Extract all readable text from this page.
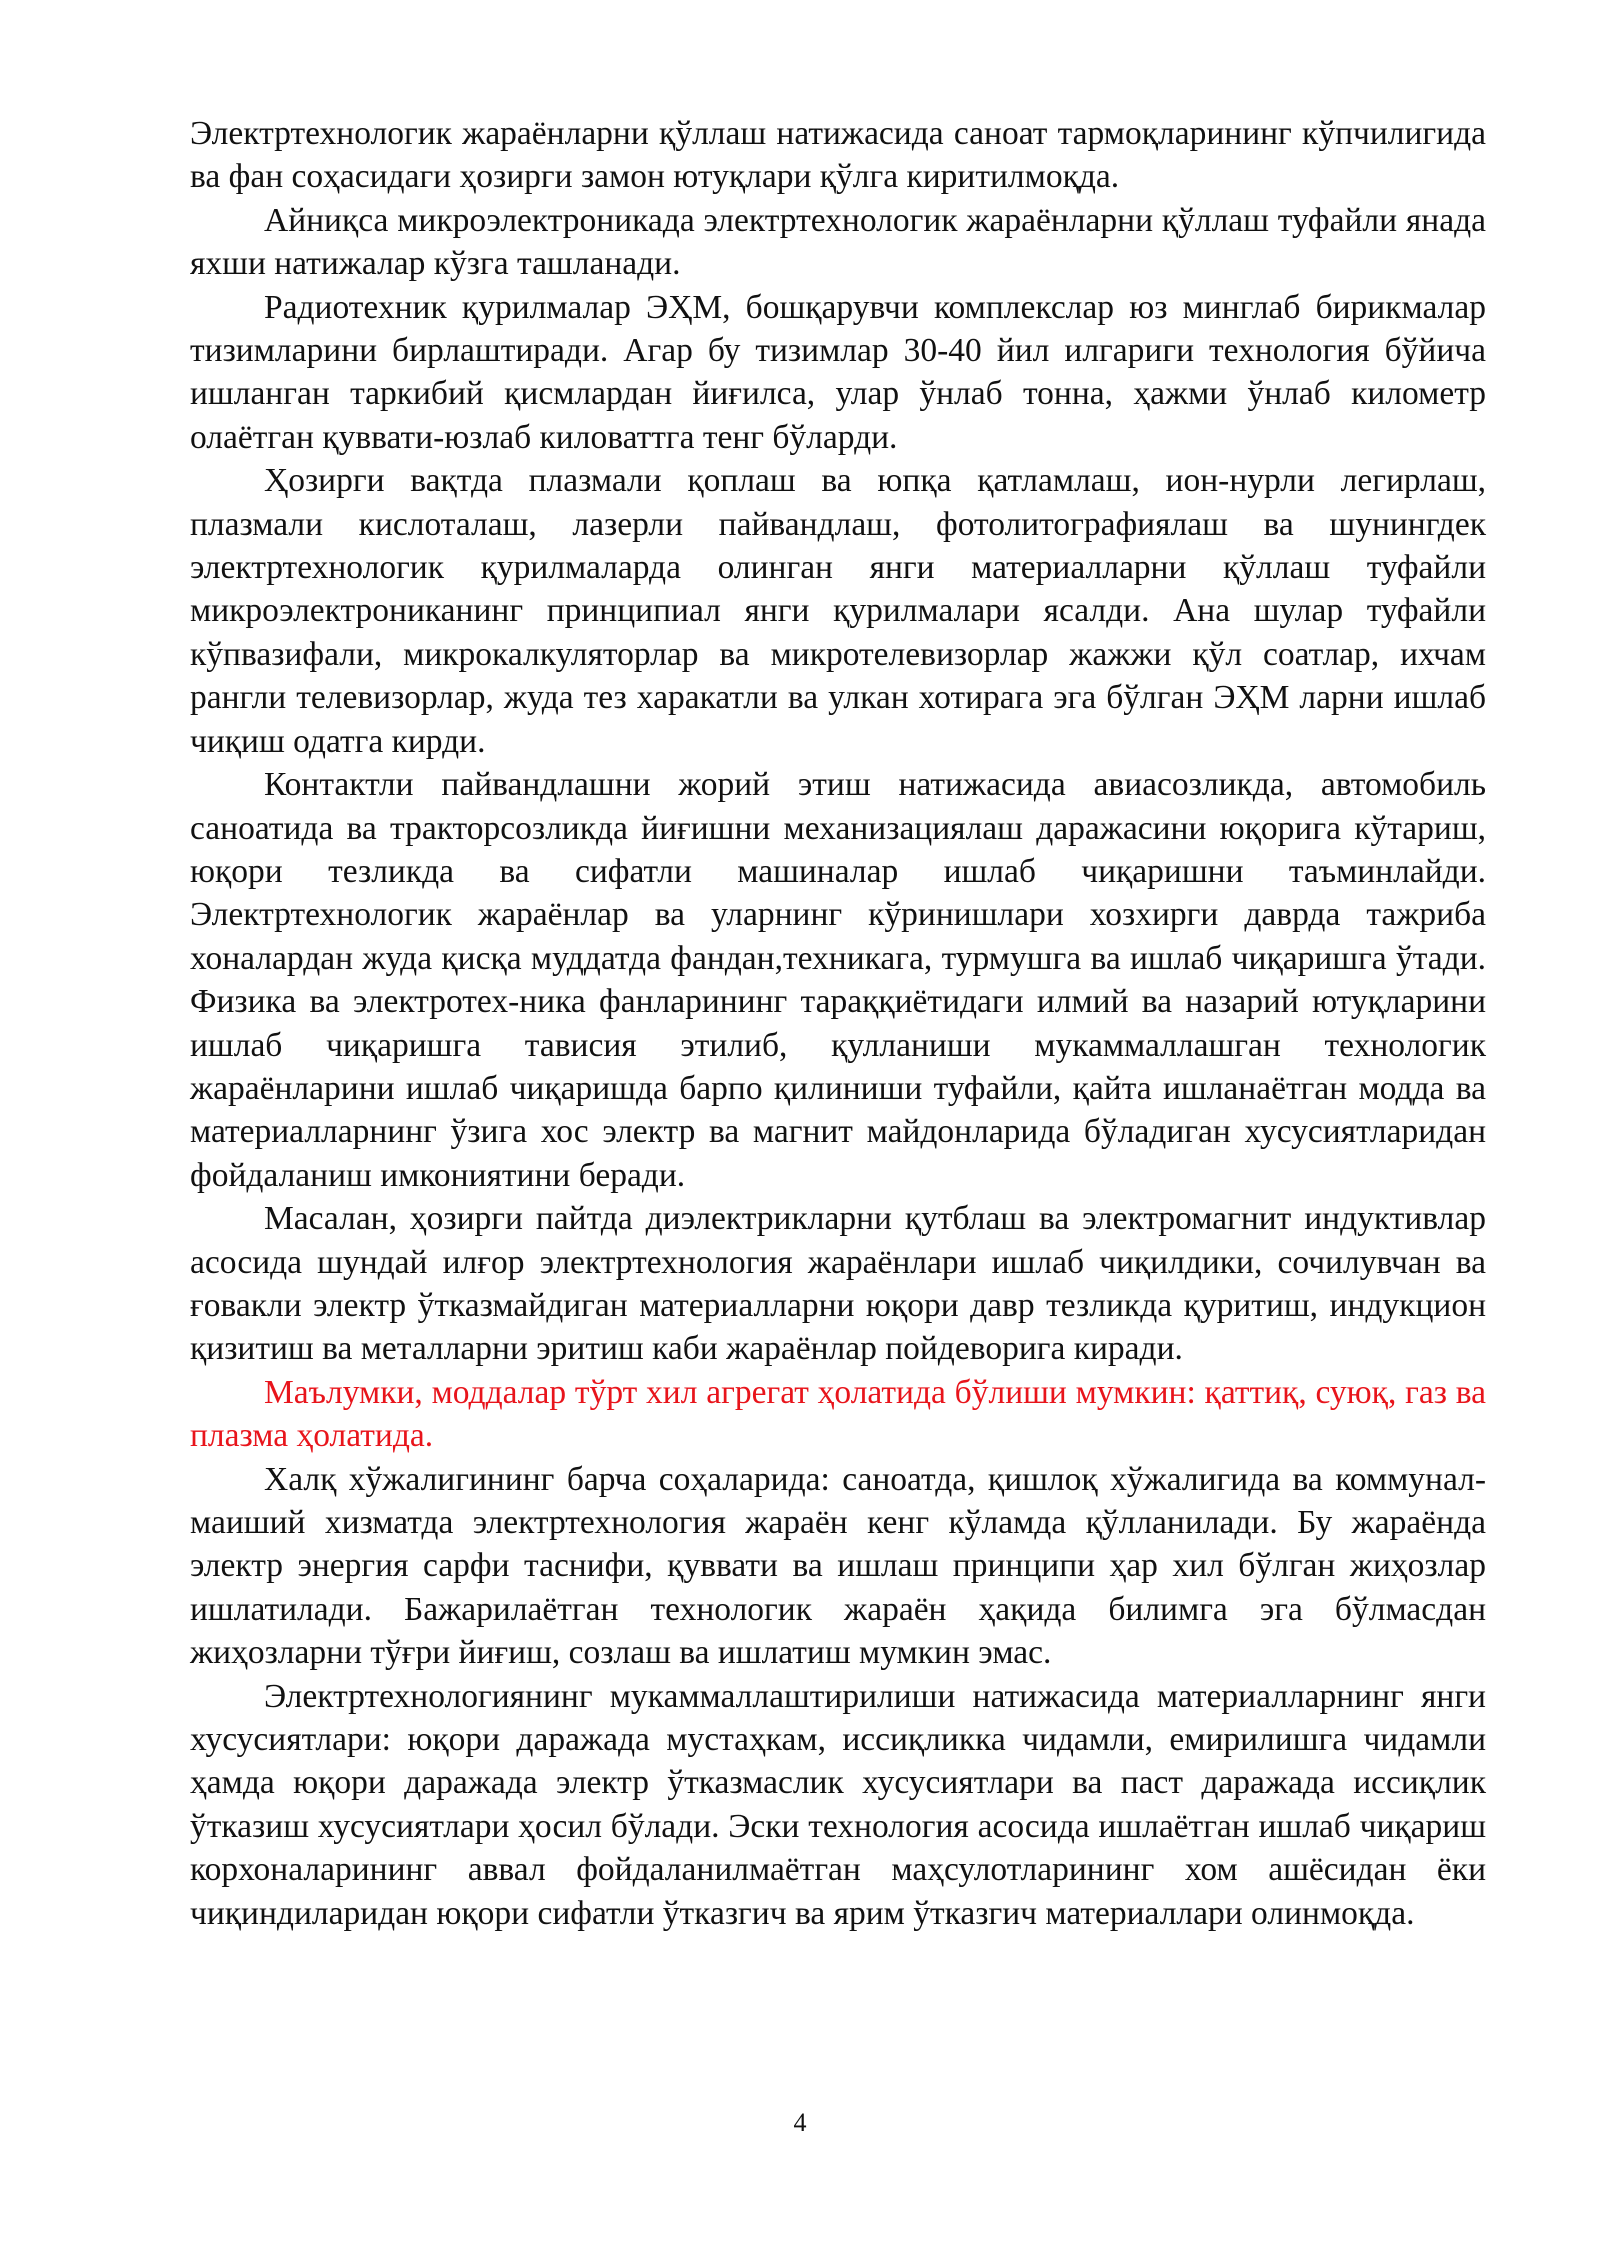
Электртехнологик жараёнларни қўллаш натижасида саноат тармоқларининг кўпчилигида ва фан соҳасидаги ҳозирги замон ютуқлари қўлга киритилмоқда.

Айниқса микроэлектроникада электртехнологик жараёнларни қўллаш туфайли янада яхши натижалар кўзга ташланади.

Радиотехник қурилмалар ЭҲМ, бошқарувчи комплекслар юз минглаб бирикмалар тизимларини бирлаштиради. Агар бу тизимлар 30-40 йил илгариги технология бўйича ишланган таркибий қисмлардан йиғилса, улар ўнлаб тонна, ҳажми ўнлаб километр олаётган қуввати-юзлаб киловаттга тенг бўларди.

Ҳозирги вақтда плазмали қоплаш ва юпқа қатламлаш, ион-нурли легирлаш, плазмали кислоталаш, лазерли пайвандлаш, фотолитографиялаш ва шунингдек электртехнологик қурилмаларда олинган янги материалларни қўллаш туфайли микроэлектрониканинг принципиал янги қурилмалари ясалди. Ана шулар туфайли кўпвазифали, микрокалкуляторлар ва микротелевизорлар жажжи қўл соатлар, ихчам рангли телевизорлар, жуда тез харакатли ва улкан хотирага эга бўлган ЭҲМ ларни ишлаб чиқиш одатга кирди.

Контактли пайвандлашни жорий этиш натижасида авиасозликда, автомобиль саноатида ва тракторсозликда йиғишни механизациялаш даражасини юқорига кўтариш, юқори тезликда ва сифатли машиналар ишлаб чиқаришни таъминлайди. Электртехнологик жараёнлар ва уларнинг кўринишлари хозхирги даврда тажриба хоналардан жуда қисқа муддатда фандан,техникага, турмушга ва ишлаб чиқаришга ўтади. Физика ва электротех-ника фанларининг тараққиётидаги илмий ва назарий ютуқларини ишлаб чиқаришга тависия этилиб, қулланиши мукаммаллашган технологик жараёнларини ишлаб чиқаришда барпо қилиниши туфайли, қайта ишланаётган модда ва материалларнинг ўзига хос электр ва магнит майдонларида бўладиган хусусиятларидан фойдаланиш имкониятини беради.

Масалан, ҳозирги пайтда диэлектрикларни қутблаш ва электромагнит индуктивлар асосида шундай илғор электртехнология жараёнлари ишлаб чиқилдики, сочилувчан ва ғовакли электр ўтказмайдиган материалларни юқори давр тезликда қуритиш, индукцион қизитиш ва металларни эритиш каби жараёнлар пойдеворига киради.

Маълумки, моддалар тўрт хил агрегат ҳолатида бўлиши мумкин: қаттиқ, суюқ, газ ва плазма ҳолатида.

Халқ хўжалигининг барча соҳаларида: саноатда, қишлоқ хўжалигида ва коммунал-маиший хизматда электртехнология жараён кенг кўламда қўлланилади. Бу жараёнда электр энергия сарфи таснифи, қуввати ва ишлаш принципи ҳар хил бўлган жиҳозлар ишлатилади. Бажарилаётган технологик жараён ҳақида билимга эга бўлмасдан жиҳозларни тўғри йиғиш, созлаш ва ишлатиш мумкин эмас.

Электртехнологиянинг мукаммаллаштирилиши натижасида материалларнинг янги хусусиятлари: юқори даражада мустаҳкам, иссиқликка чидамли, емирилишга чидамли ҳамда юқори даражада электр ўтказмаслик хусусиятлари ва паст даражада иссиқлик ўтказиш хусусиятлари ҳосил бўлади. Эски технология асосида ишлаётган ишлаб чиқариш корхоналарининг аввал фойдаланилмаётган маҳсулотларининг хом ашёсидан ёки чиқиндиларидан юқори сифатли ўтказгич ва ярим ўтказгич материаллари олинмоқда.

4
